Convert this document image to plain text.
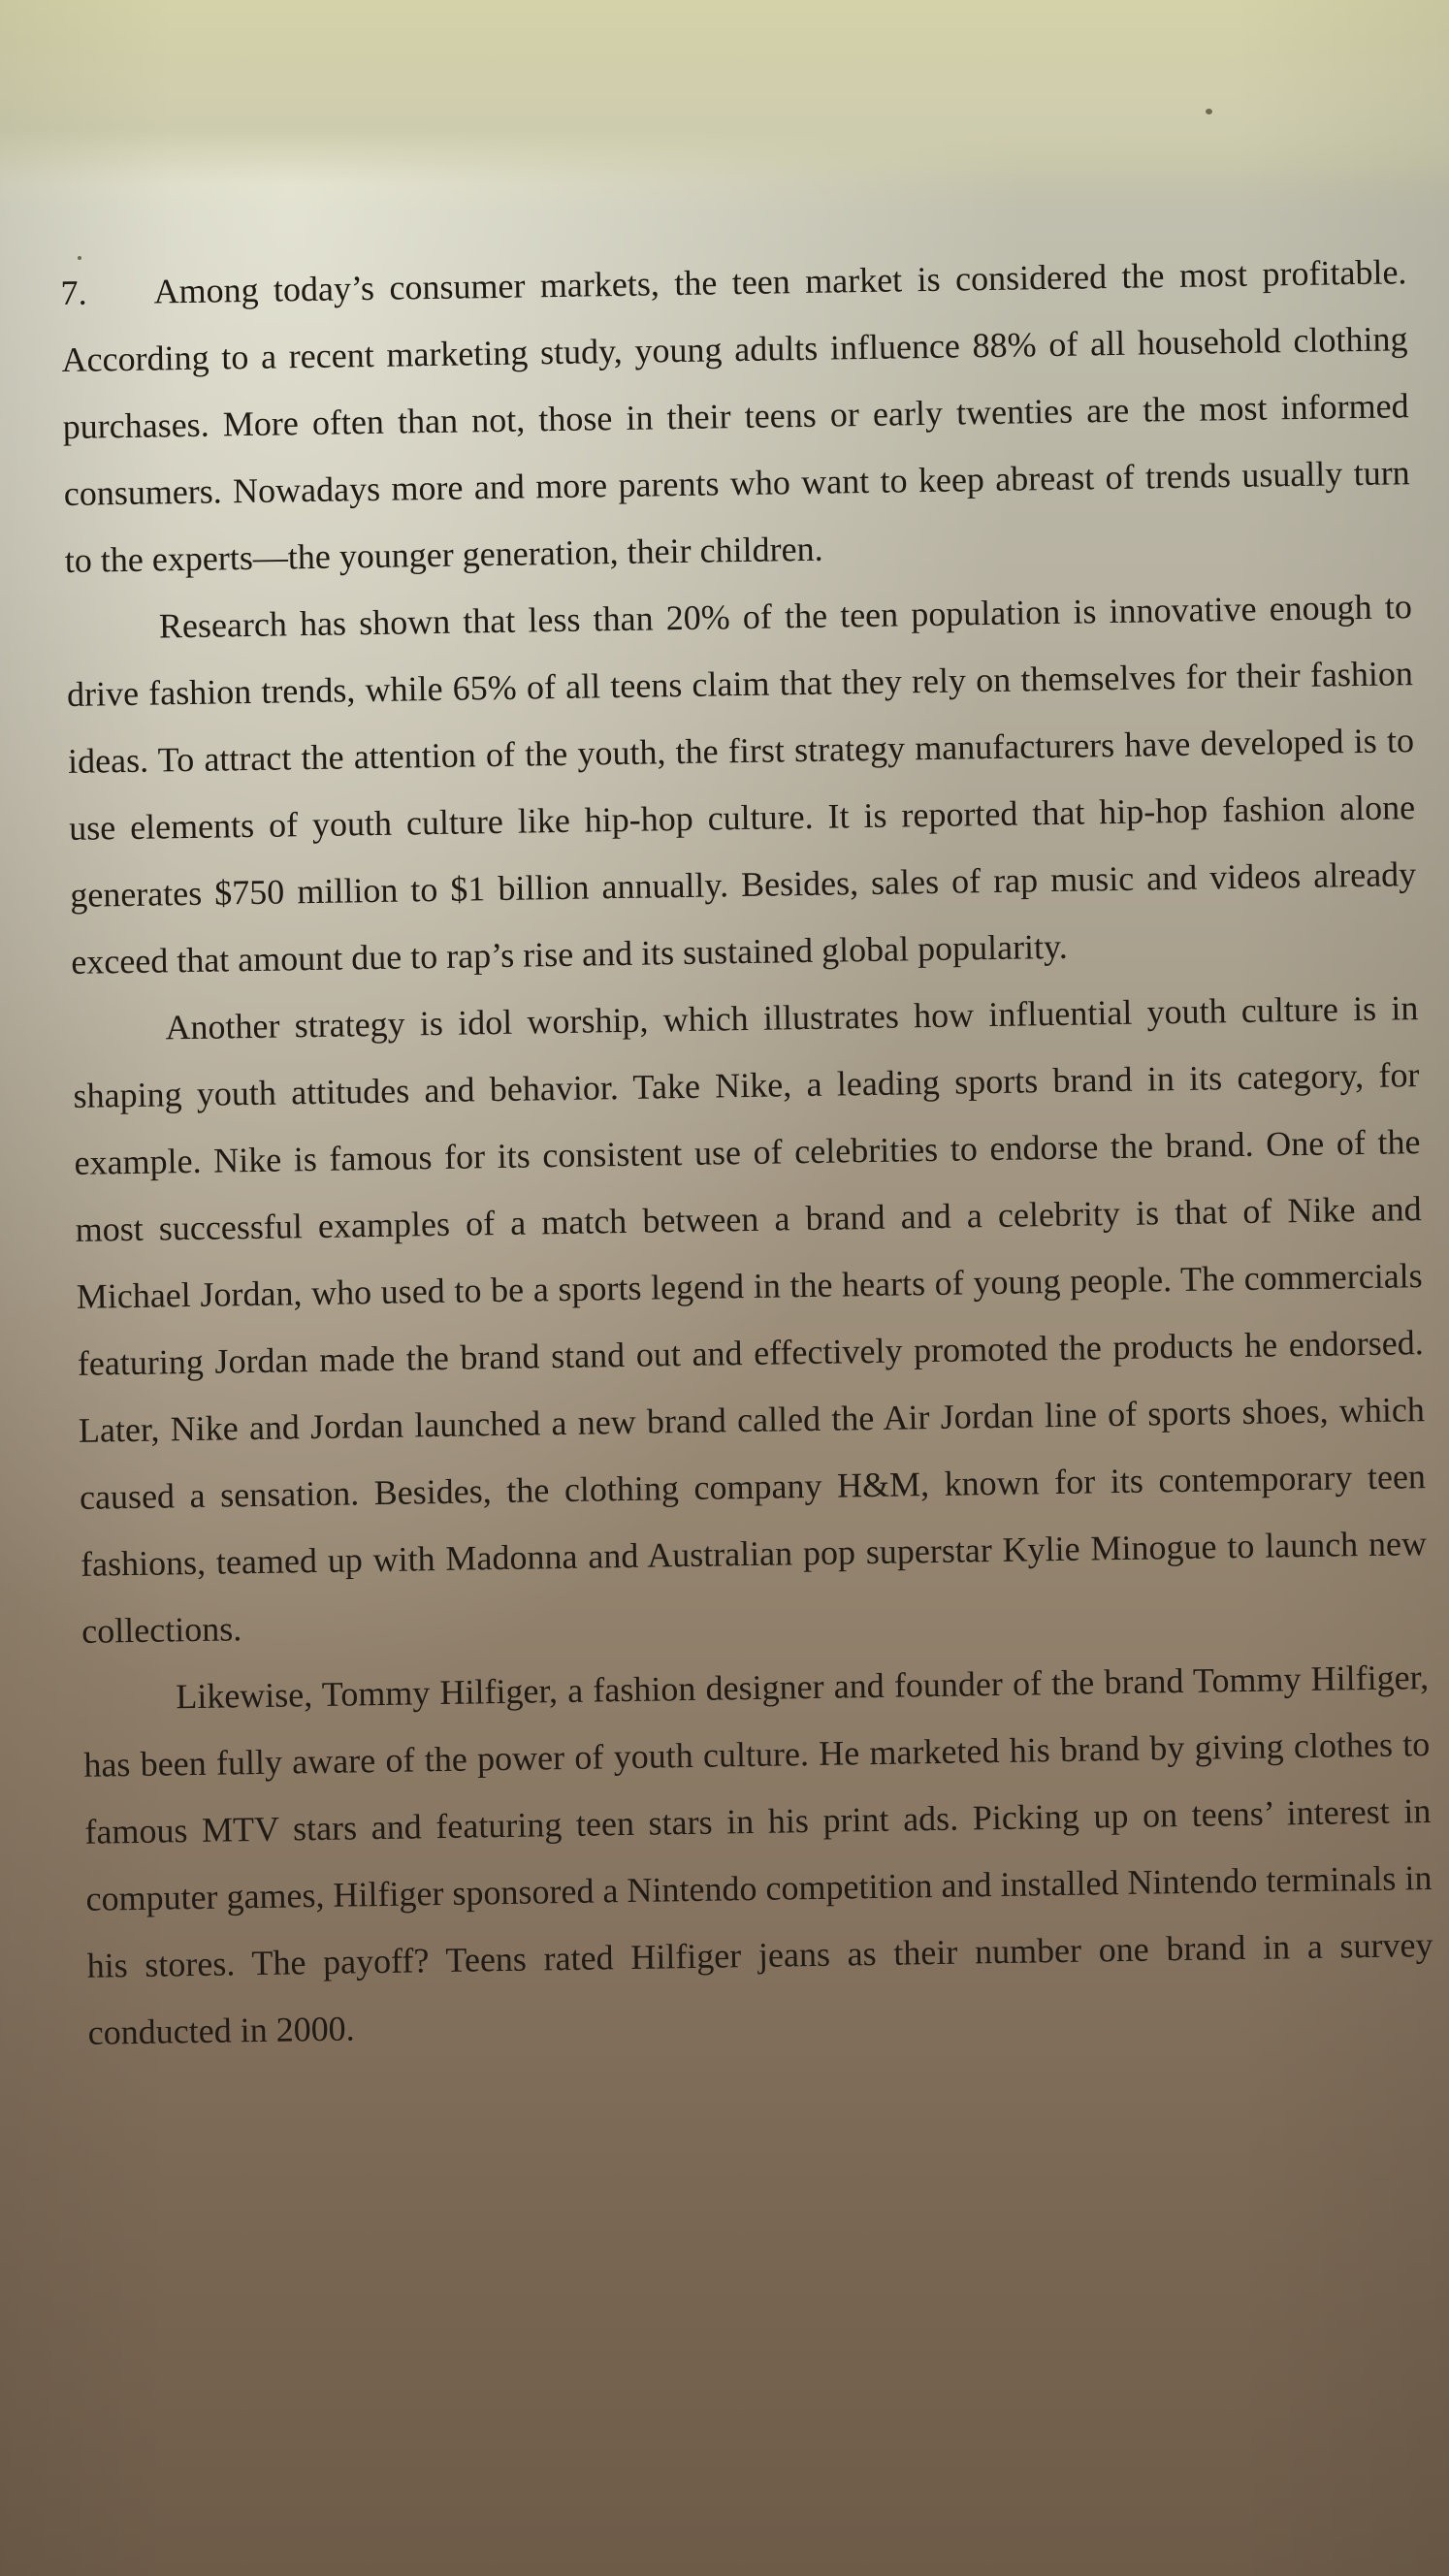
7. Among today’s consumer markets, the teen market is considered the most profitable. According to a recent marketing study, young adults influence 88% of all household clothing purchases. More often than not, those in their teens or early twenties are the most informed consumers. Nowadays more and more parents who want to keep abreast of trends usually turn to the experts—the younger generation, their children.

Research has shown that less than 20% of the teen population is innovative enough to drive fashion trends, while 65% of all teens claim that they rely on themselves for their fashion ideas. To attract the attention of the youth, the first strategy manufacturers have developed is to use elements of youth culture like hip-hop culture. It is reported that hip-hop fashion alone generates $750 million to $1 billion annually. Besides, sales of rap music and videos already exceed that amount due to rap’s rise and its sustained global popularity.

Another strategy is idol worship, which illustrates how influential youth culture is in shaping youth attitudes and behavior. Take Nike, a leading sports brand in its category, for example. Nike is famous for its consistent use of celebrities to endorse the brand. One of the most successful examples of a match between a brand and a celebrity is that of Nike and Michael Jordan, who used to be a sports legend in the hearts of young people. The commercials featuring Jordan made the brand stand out and effectively promoted the products he endorsed. Later, Nike and Jordan launched a new brand called the Air Jordan line of sports shoes, which caused a sensation. Besides, the clothing company H&M, known for its contemporary teen fashions, teamed up with Madonna and Australian pop superstar Kylie Minogue to launch new collections.

Likewise, Tommy Hilfiger, a fashion designer and founder of the brand Tommy Hilfiger, has been fully aware of the power of youth culture. He marketed his brand by giving clothes to famous MTV stars and featuring teen stars in his print ads. Picking up on teens’ interest in computer games, Hilfiger sponsored a Nintendo competition and installed Nintendo terminals in his stores. The payoff? Teens rated Hilfiger jeans as their number one brand in a survey conducted in 2000.
